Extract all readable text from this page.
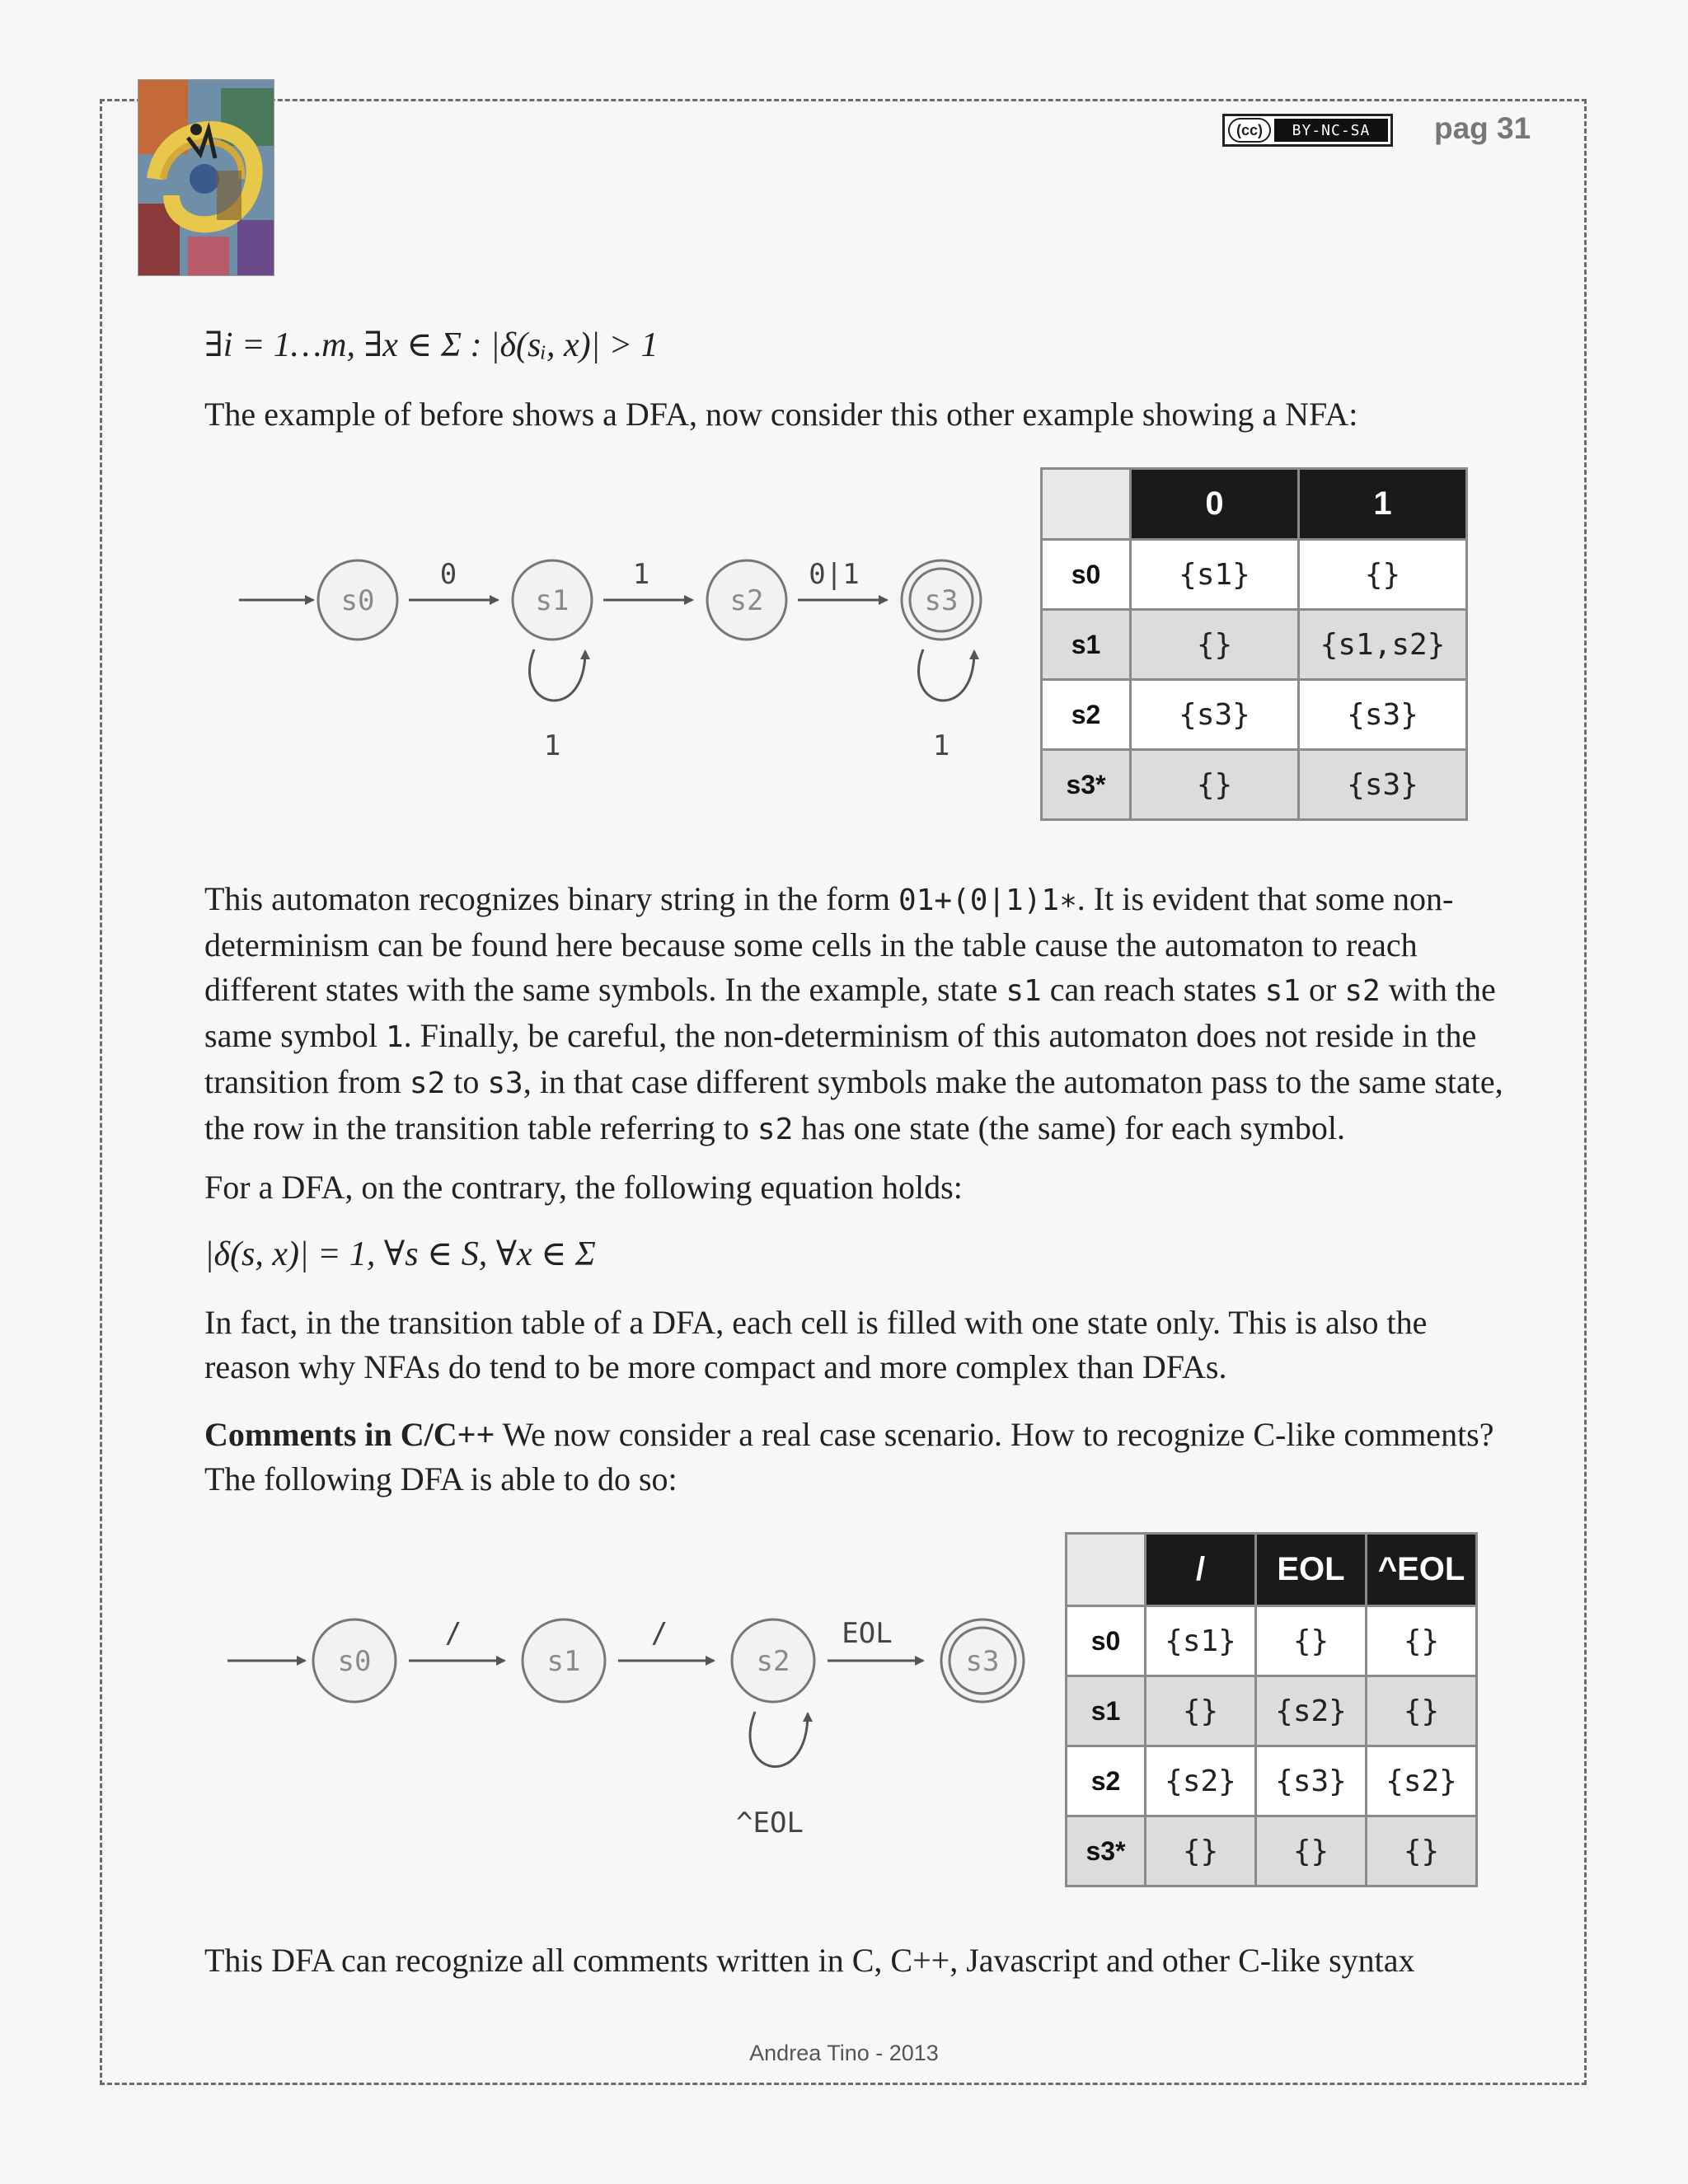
(cc)	BY-NC-SA	pag 31
∃i = 1…m, ∃x ∈ Σ : |δ(sᵢ, x)| > 1
The example of before shows a DFA, now consider this other example showing a NFA:
s0	s1	s2	s3
0	1	0|1
1	1
	0	1
s0	{s1}	{}
s1	{}	{s1,s2}
s2	{s3}	{s3}
s3*	{}	{s3}
This automaton recognizes binary string in the form 01+(0|1)1∗. It is evident that some non-determinism can be found here because some cells in the table cause the automaton to reach different states with the same symbols. In the example, state s1 can reach states s1 or s2 with the same symbol 1. Finally, be careful, the non-determinism of this automaton does not reside in the transition from s2 to s3, in that case different symbols make the automaton pass to the same state, the row in the transition table referring to s2 has one state (the same) for each symbol.
For a DFA, on the contrary, the following equation holds:
|δ(s, x)| = 1, ∀s ∈ S, ∀x ∈ Σ
In fact, in the transition table of a DFA, each cell is filled with one state only. This is also the reason why NFAs do tend to be more compact and more complex than DFAs.
Comments in C/C++ We now consider a real case scenario. How to recognize C-like comments? The following DFA is able to do so:
s0	s1	s2	s3
/	/	EOL
^EOL
	/	EOL	^EOL
s0	{s1}	{}	{}
s1	{}	{s2}	{}
s2	{s2}	{s3}	{s2}
s3*	{}	{}	{}
This DFA can recognize all comments written in C, C++, Javascript and other C-like syntax
Andrea Tino - 2013
